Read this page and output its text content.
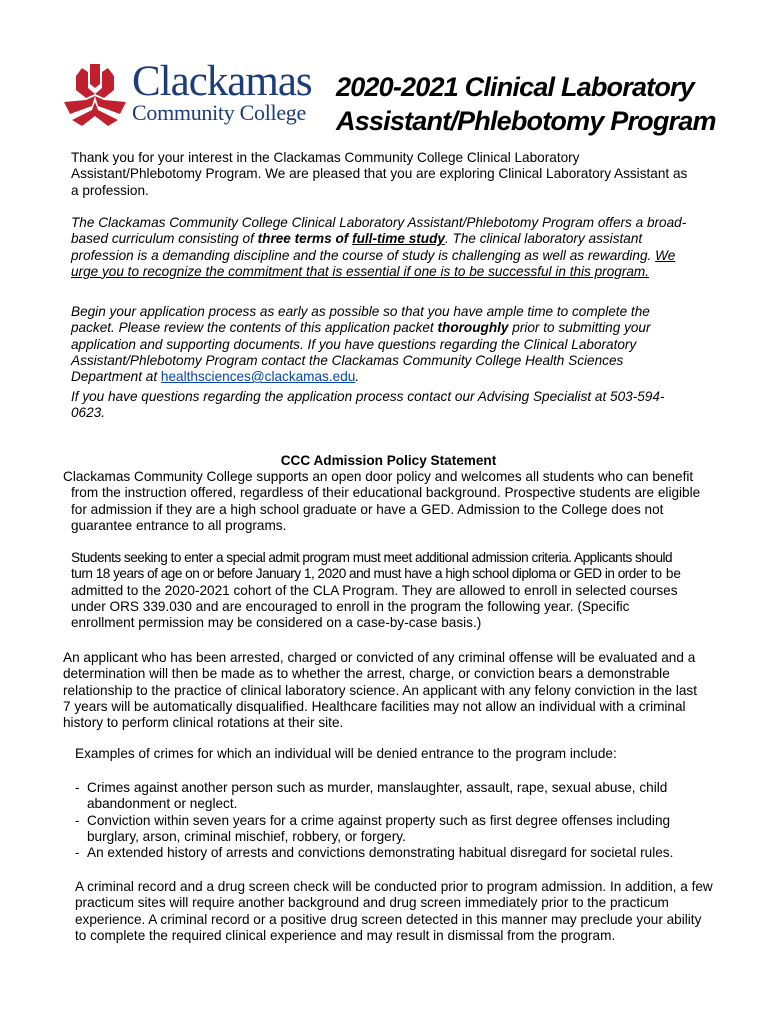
Clackamas
Community College
2020-2021 Clinical Laboratory
Assistant/Phlebotomy Program
Thank you for your interest in the Clackamas Community College Clinical Laboratory Assistant/Phlebotomy Program. We are pleased that you are exploring Clinical Laboratory Assistant as a profession.
The Clackamas Community College Clinical Laboratory Assistant/Phlebotomy Program offers a broad-based curriculum consisting of three terms of full-time study. The clinical laboratory assistant profession is a demanding discipline and the course of study is challenging as well as rewarding. We urge you to recognize the commitment that is essential if one is to be successful in this program.
Begin your application process as early as possible so that you have ample time to complete the packet. Please review the contents of this application packet thoroughly prior to submitting your application and supporting documents. If you have questions regarding the Clinical Laboratory Assistant/Phlebotomy Program contact the Clackamas Community College Health Sciences Department at healthsciences@clackamas.edu.
If you have questions regarding the application process contact our Advising Specialist at 503-594-0623.
CCC Admission Policy Statement
Clackamas Community College supports an open door policy and welcomes all students who can benefit
from the instruction offered, regardless of their educational background. Prospective students are eligible for admission if they are a high school graduate or have a GED. Admission to the College does not guarantee entrance to all programs.
Students seeking to enter a special admit program must meet additional admission criteria. Applicants should turn 18 years of age on or before January 1, 2020 and must have a high school diploma or GED in order to be admitted to the 2020-2021 cohort of the CLA Program. They are allowed to enroll in selected courses under ORS 339.030 and are encouraged to enroll in the program the following year. (Specific enrollment permission may be considered on a case-by-case basis.)
An applicant who has been arrested, charged or convicted of any criminal offense will be evaluated and a determination will then be made as to whether the arrest, charge, or conviction bears a demonstrable relationship to the practice of clinical laboratory science. An applicant with any felony conviction in the last 7 years will be automatically disqualified. Healthcare facilities may not allow an individual with a criminal history to perform clinical rotations at their site.
Examples of crimes for which an individual will be denied entrance to the program include:
- Crimes against another person such as murder, manslaughter, assault, rape, sexual abuse, child abandonment or neglect.
- Conviction within seven years for a crime against property such as first degree offenses including burglary, arson, criminal mischief, robbery, or forgery.
- An extended history of arrests and convictions demonstrating habitual disregard for societal rules.
A criminal record and a drug screen check will be conducted prior to program admission. In addition, a few practicum sites will require another background and drug screen immediately prior to the practicum experience. A criminal record or a positive drug screen detected in this manner may preclude your ability to complete the required clinical experience and may result in dismissal from the program.
